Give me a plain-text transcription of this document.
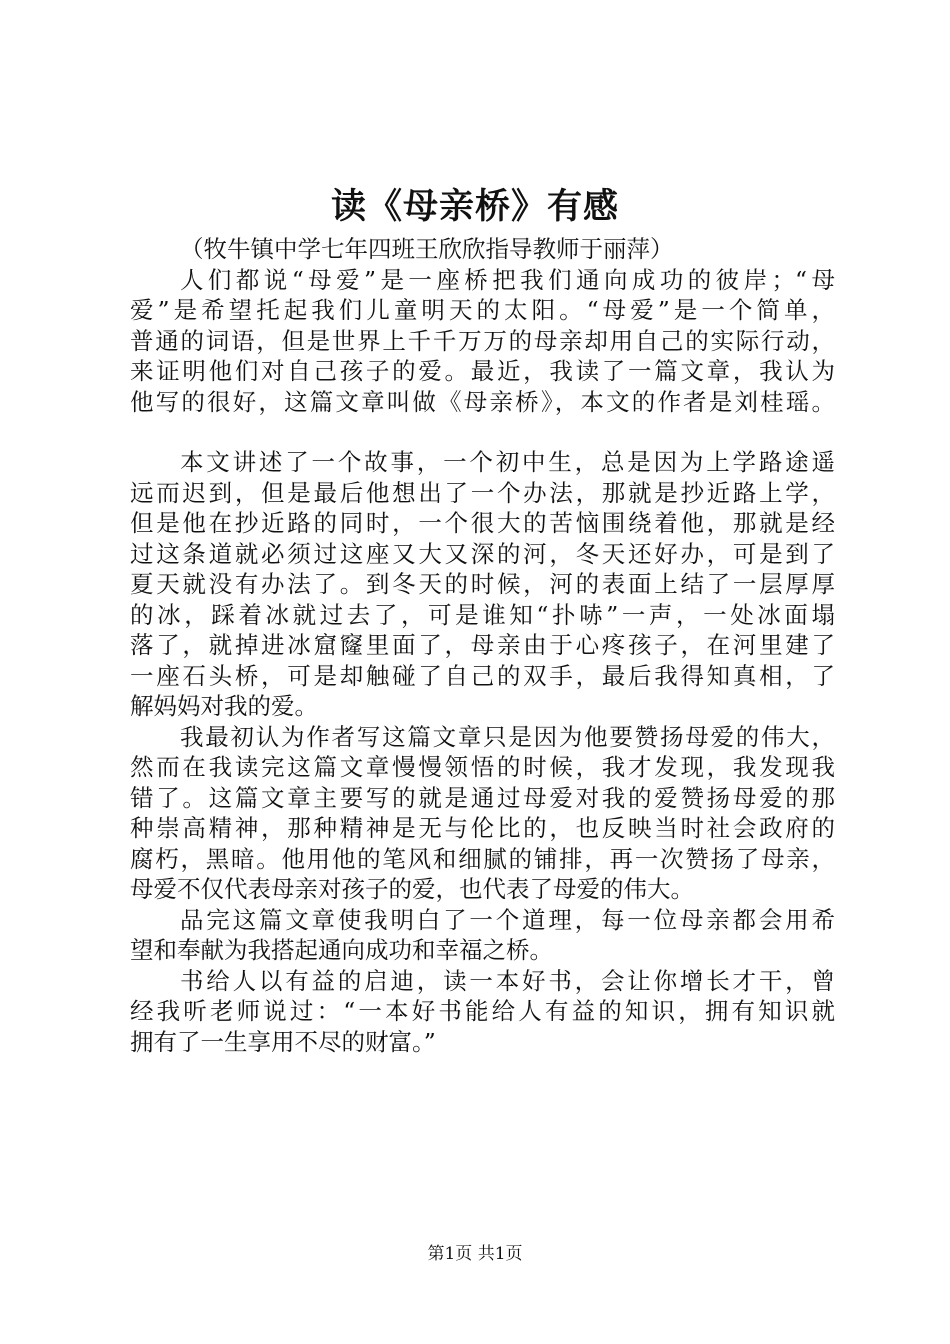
读《母亲桥》有感
（牧牛镇中学七年四班王欣欣指导教师于丽萍）
人们都说“母爱”是一座桥把我们通向成功的彼岸；“母
爱”是希望托起我们儿童明天的太阳。“母爱”是一个简单，
普通的词语，但是世界上千千万万的母亲却用自己的实际行动，
来证明他们对自己孩子的爱。最近，我读了一篇文章，我认为
他写的很好，这篇文章叫做《母亲桥》，本文的作者是刘桂瑶。
本文讲述了一个故事，一个初中生，总是因为上学路途遥
远而迟到，但是最后他想出了一个办法，那就是抄近路上学，
但是他在抄近路的同时，一个很大的苦恼围绕着他，那就是经
过这条道就必须过这座又大又深的河，冬天还好办，可是到了
夏天就没有办法了。到冬天的时候，河的表面上结了一层厚厚
的冰，踩着冰就过去了，可是谁知“扑哧”一声，一处冰面塌
落了，就掉进冰窟窿里面了，母亲由于心疼孩子，在河里建了
一座石头桥，可是却触碰了自己的双手，最后我得知真相，了
解妈妈对我的爱。
我最初认为作者写这篇文章只是因为他要赞扬母爱的伟大，
然而在我读完这篇文章慢慢领悟的时候，我才发现，我发现我
错了。这篇文章主要写的就是通过母爱对我的爱赞扬母爱的那
种崇高精神，那种精神是无与伦比的，也反映当时社会政府的
腐朽，黑暗。他用他的笔风和细腻的铺排，再一次赞扬了母亲，
母爱不仅代表母亲对孩子的爱，也代表了母爱的伟大。
品完这篇文章使我明白了一个道理，每一位母亲都会用希
望和奉献为我搭起通向成功和幸福之桥。
书给人以有益的启迪，读一本好书，会让你增长才干，曾
经我听老师说过：“一本好书能给人有益的知识，拥有知识就
拥有了一生享用不尽的财富。”
第1页 共1页
